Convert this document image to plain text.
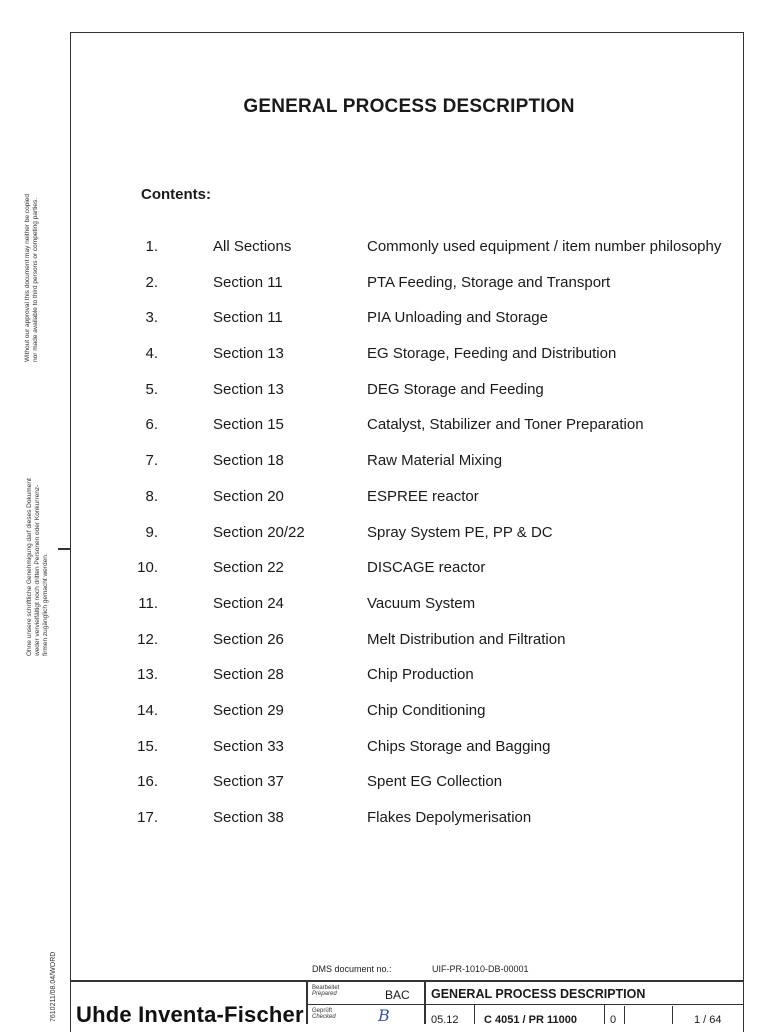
GENERAL PROCESS DESCRIPTION
Contents:
1.	All Sections	Commonly used equipment / item number philosophy
2.	Section 11	PTA Feeding, Storage and Transport
3.	Section 11	PIA Unloading and Storage
4.	Section 13	EG Storage, Feeding and Distribution
5.	Section 13	DEG Storage and Feeding
6.	Section 15	Catalyst, Stabilizer and Toner Preparation
7.	Section 18	Raw Material Mixing
8.	Section 20	ESPREE reactor
9.	Section 20/22	Spray System PE, PP & DC
10.	Section 22	DISCAGE reactor
11.	Section 24	Vacuum System
12.	Section 26	Melt Distribution and Filtration
13.	Section 28	Chip Production
14.	Section 29	Chip Conditioning
15.	Section 33	Chips Storage and Bagging
16.	Section 37	Spent EG Collection
17.	Section 38	Flakes Depolymerisation
Without our approval this document may neither be copied nor made available to third persons or competing parties.
Ohne unsere schriftliche Genehmigung darf dieses Dokument weder vervielfältigt noch dritten Personen oder Konkurrenz- firmen zugänglich gemacht werden.
7610211/08.04/WORD	DMS document no.:	UIF-PR-1010-DB-00001
Uhde Inventa-Fischer
Bearbeitet
Prepared	BAC
Geprüft
Checked	B
GENERAL PROCESS DESCRIPTION
05.12 C 4051 / PR 11000	0	1 / 64
